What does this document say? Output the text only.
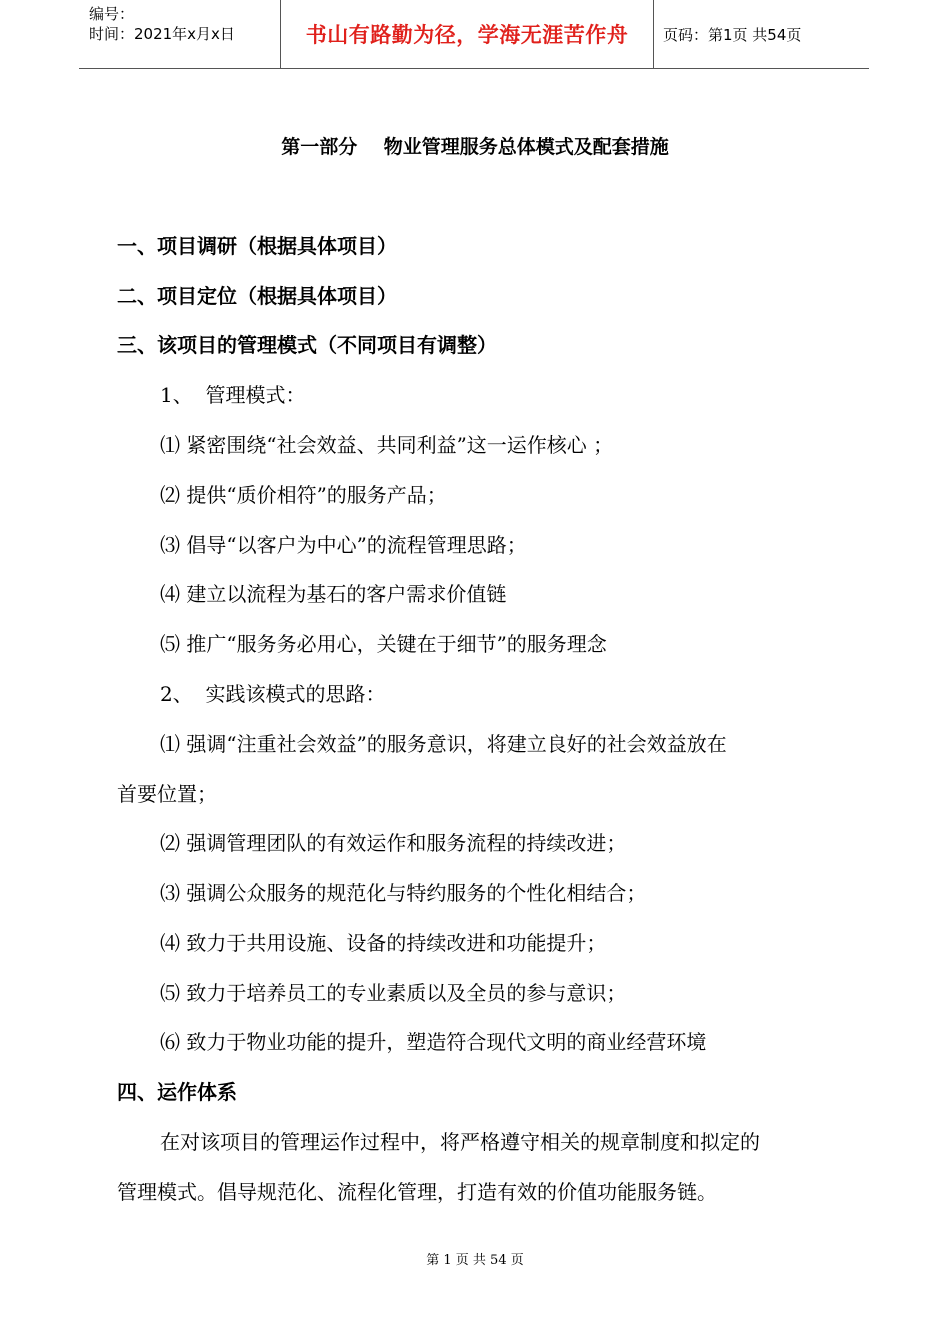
编号：
时间：2021年x月x日	书山有路勤为径，学海无涯苦作舟	页码：第1页 共54页
第一部分    物业管理服务总体模式及配套措施
一、项目调研（根据具体项目）
二、项目定位（根据具体项目）
三、该项目的管理模式（不同项目有调整）
1、  管理模式：
⑴ 紧密围绕“社会效益、共同利益”这一运作核心 ；
⑵ 提供“质价相符”的服务产品；
⑶ 倡导“以客户为中心”的流程管理思路；
⑷ 建立以流程为基石的客户需求价值链
⑸ 推广“服务务必用心，关键在于细节”的服务理念
2、  实践该模式的思路：
⑴ 强调“注重社会效益”的服务意识，将建立良好的社会效益放在
首要位置；
⑵ 强调管理团队的有效运作和服务流程的持续改进；
⑶ 强调公众服务的规范化与特约服务的个性化相结合；
⑷ 致力于共用设施、设备的持续改进和功能提升；
⑸ 致力于培养员工的专业素质以及全员的参与意识；
⑹ 致力于物业功能的提升，塑造符合现代文明的商业经营环境
四、运作体系
在对该项目的管理运作过程中，将严格遵守相关的规章制度和拟定的
管理模式。倡导规范化、流程化管理，打造有效的价值功能服务链。
第 1 页 共 54 页
